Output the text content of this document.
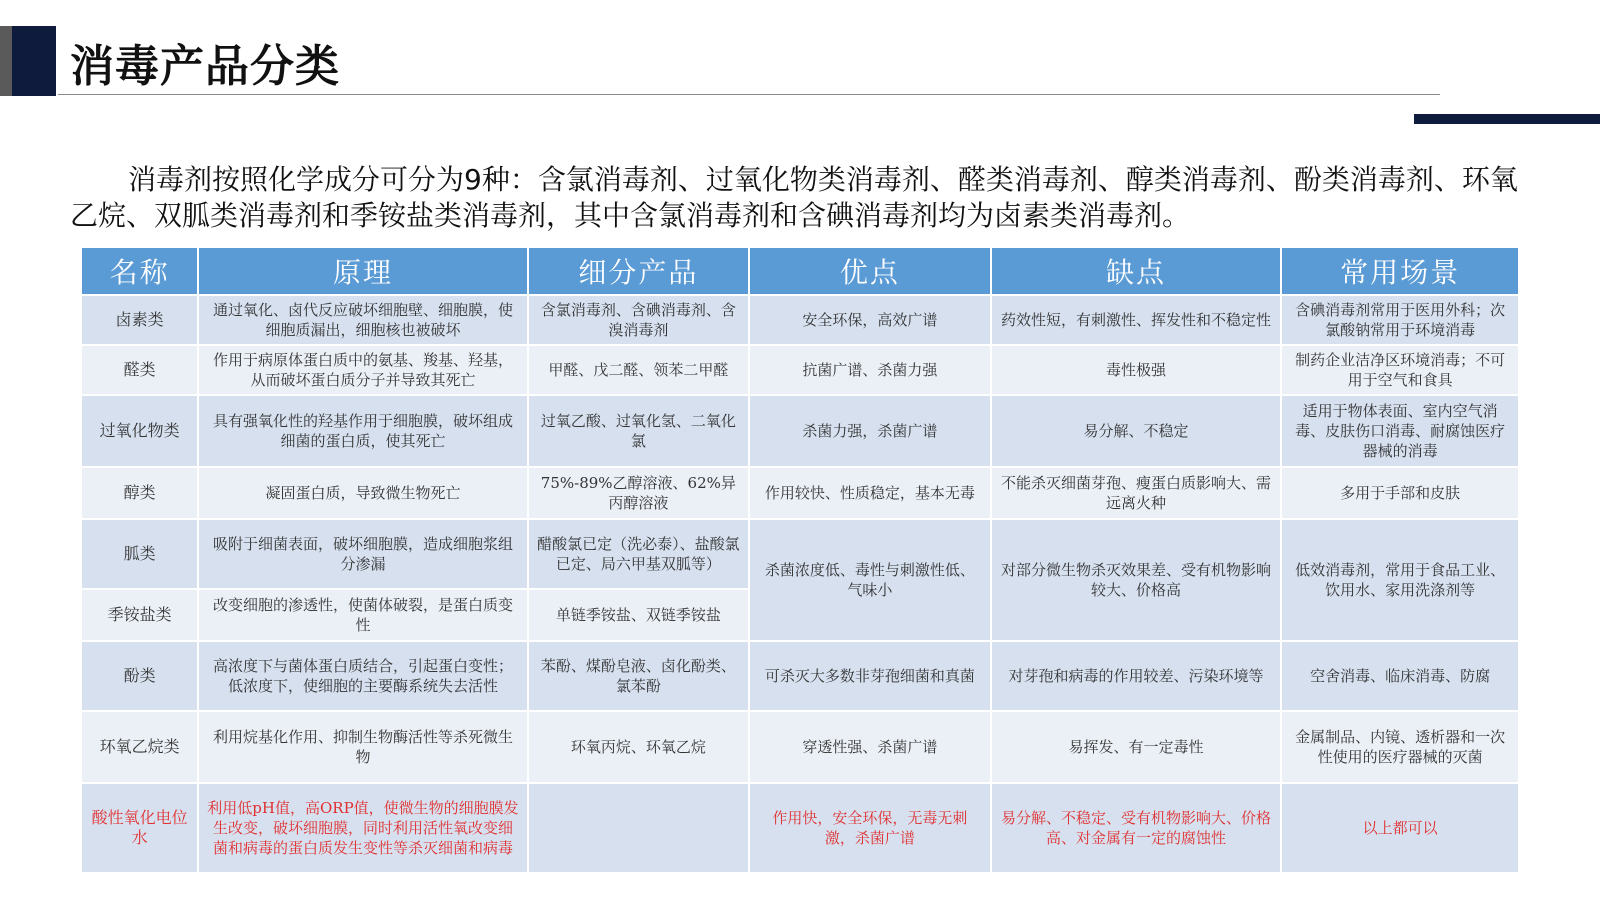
消毒产品分类

消毒剂按照化学成分可分为9种：含氯消毒剂、过氧化物类消毒剂、醛类消毒剂、醇类消毒剂、酚类消毒剂、环氧乙烷、双胍类消毒剂和季铵盐类消毒剂，其中含氯消毒剂和含碘消毒剂均为卤素类消毒剂。

名称	原理	细分产品	优点	缺点	常用场景
卤素类	通过氧化、卤代反应破坏细胞壁、细胞膜，使细胞质漏出，细胞核也被破坏	含氯消毒剂、含碘消毒剂、含溴消毒剂	安全环保，高效广谱	药效性短，有刺激性、挥发性和不稳定性	含碘消毒剂常用于医用外科；次氯酸钠常用于环境消毒
醛类	作用于病原体蛋白质中的氨基、羧基、羟基，从而破坏蛋白质分子并导致其死亡	甲醛、戊二醛、领苯二甲醛	抗菌广谱、杀菌力强	毒性极强	制药企业洁净区环境消毒；不可用于空气和食具
过氧化物类	具有强氧化性的羟基作用于细胞膜，破坏组成细菌的蛋白质，使其死亡	过氧乙酸、过氧化氢、二氧化氯	杀菌力强，杀菌广谱	易分解、不稳定	适用于物体表面、室内空气消毒、皮肤伤口消毒、耐腐蚀医疗器械的消毒
醇类	凝固蛋白质，导致微生物死亡	75%-89%乙醇溶液、62%异丙醇溶液	作用较快、性质稳定，基本无毒	不能杀灭细菌芽孢、瘦蛋白质影响大、需远离火种	多用于手部和皮肤
胍类	吸附于细菌表面，破坏细胞膜，造成细胞浆组分渗漏	醋酸氯已定（洗必泰）、盐酸氯已定、局六甲基双胍等）	杀菌浓度低、毒性与刺激性低、气味小	对部分微生物杀灭效果差、受有机物影响较大、价格高	低效消毒剂，常用于食品工业、饮用水、家用洗涤剂等
季铵盐类	改变细胞的渗透性，使菌体破裂，是蛋白质变性	单链季铵盐、双链季铵盐			
酚类	高浓度下与菌体蛋白质结合，引起蛋白变性；低浓度下，使细胞的主要酶系统失去活性	苯酚、煤酚皂液、卤化酚类、氯苯酚	可杀灭大多数非芽孢细菌和真菌	对芽孢和病毒的作用较差、污染环境等	空舍消毒、临床消毒、防腐
环氧乙烷类	利用烷基化作用、抑制生物酶活性等杀死微生物	环氧丙烷、环氧乙烷	穿透性强、杀菌广谱	易挥发、有一定毒性	金属制品、内镜、透析器和一次性使用的医疗器械的灭菌
酸性氧化电位水	利用低pH值，高ORP值，使微生物的细胞膜发生改变，破坏细胞膜，同时利用活性氧改变细菌和病毒的蛋白质发生变性等杀灭细菌和病毒		作用快，安全环保，无毒无刺激，杀菌广谱	易分解、不稳定、受有机物影响大、价格高、对金属有一定的腐蚀性	以上都可以
